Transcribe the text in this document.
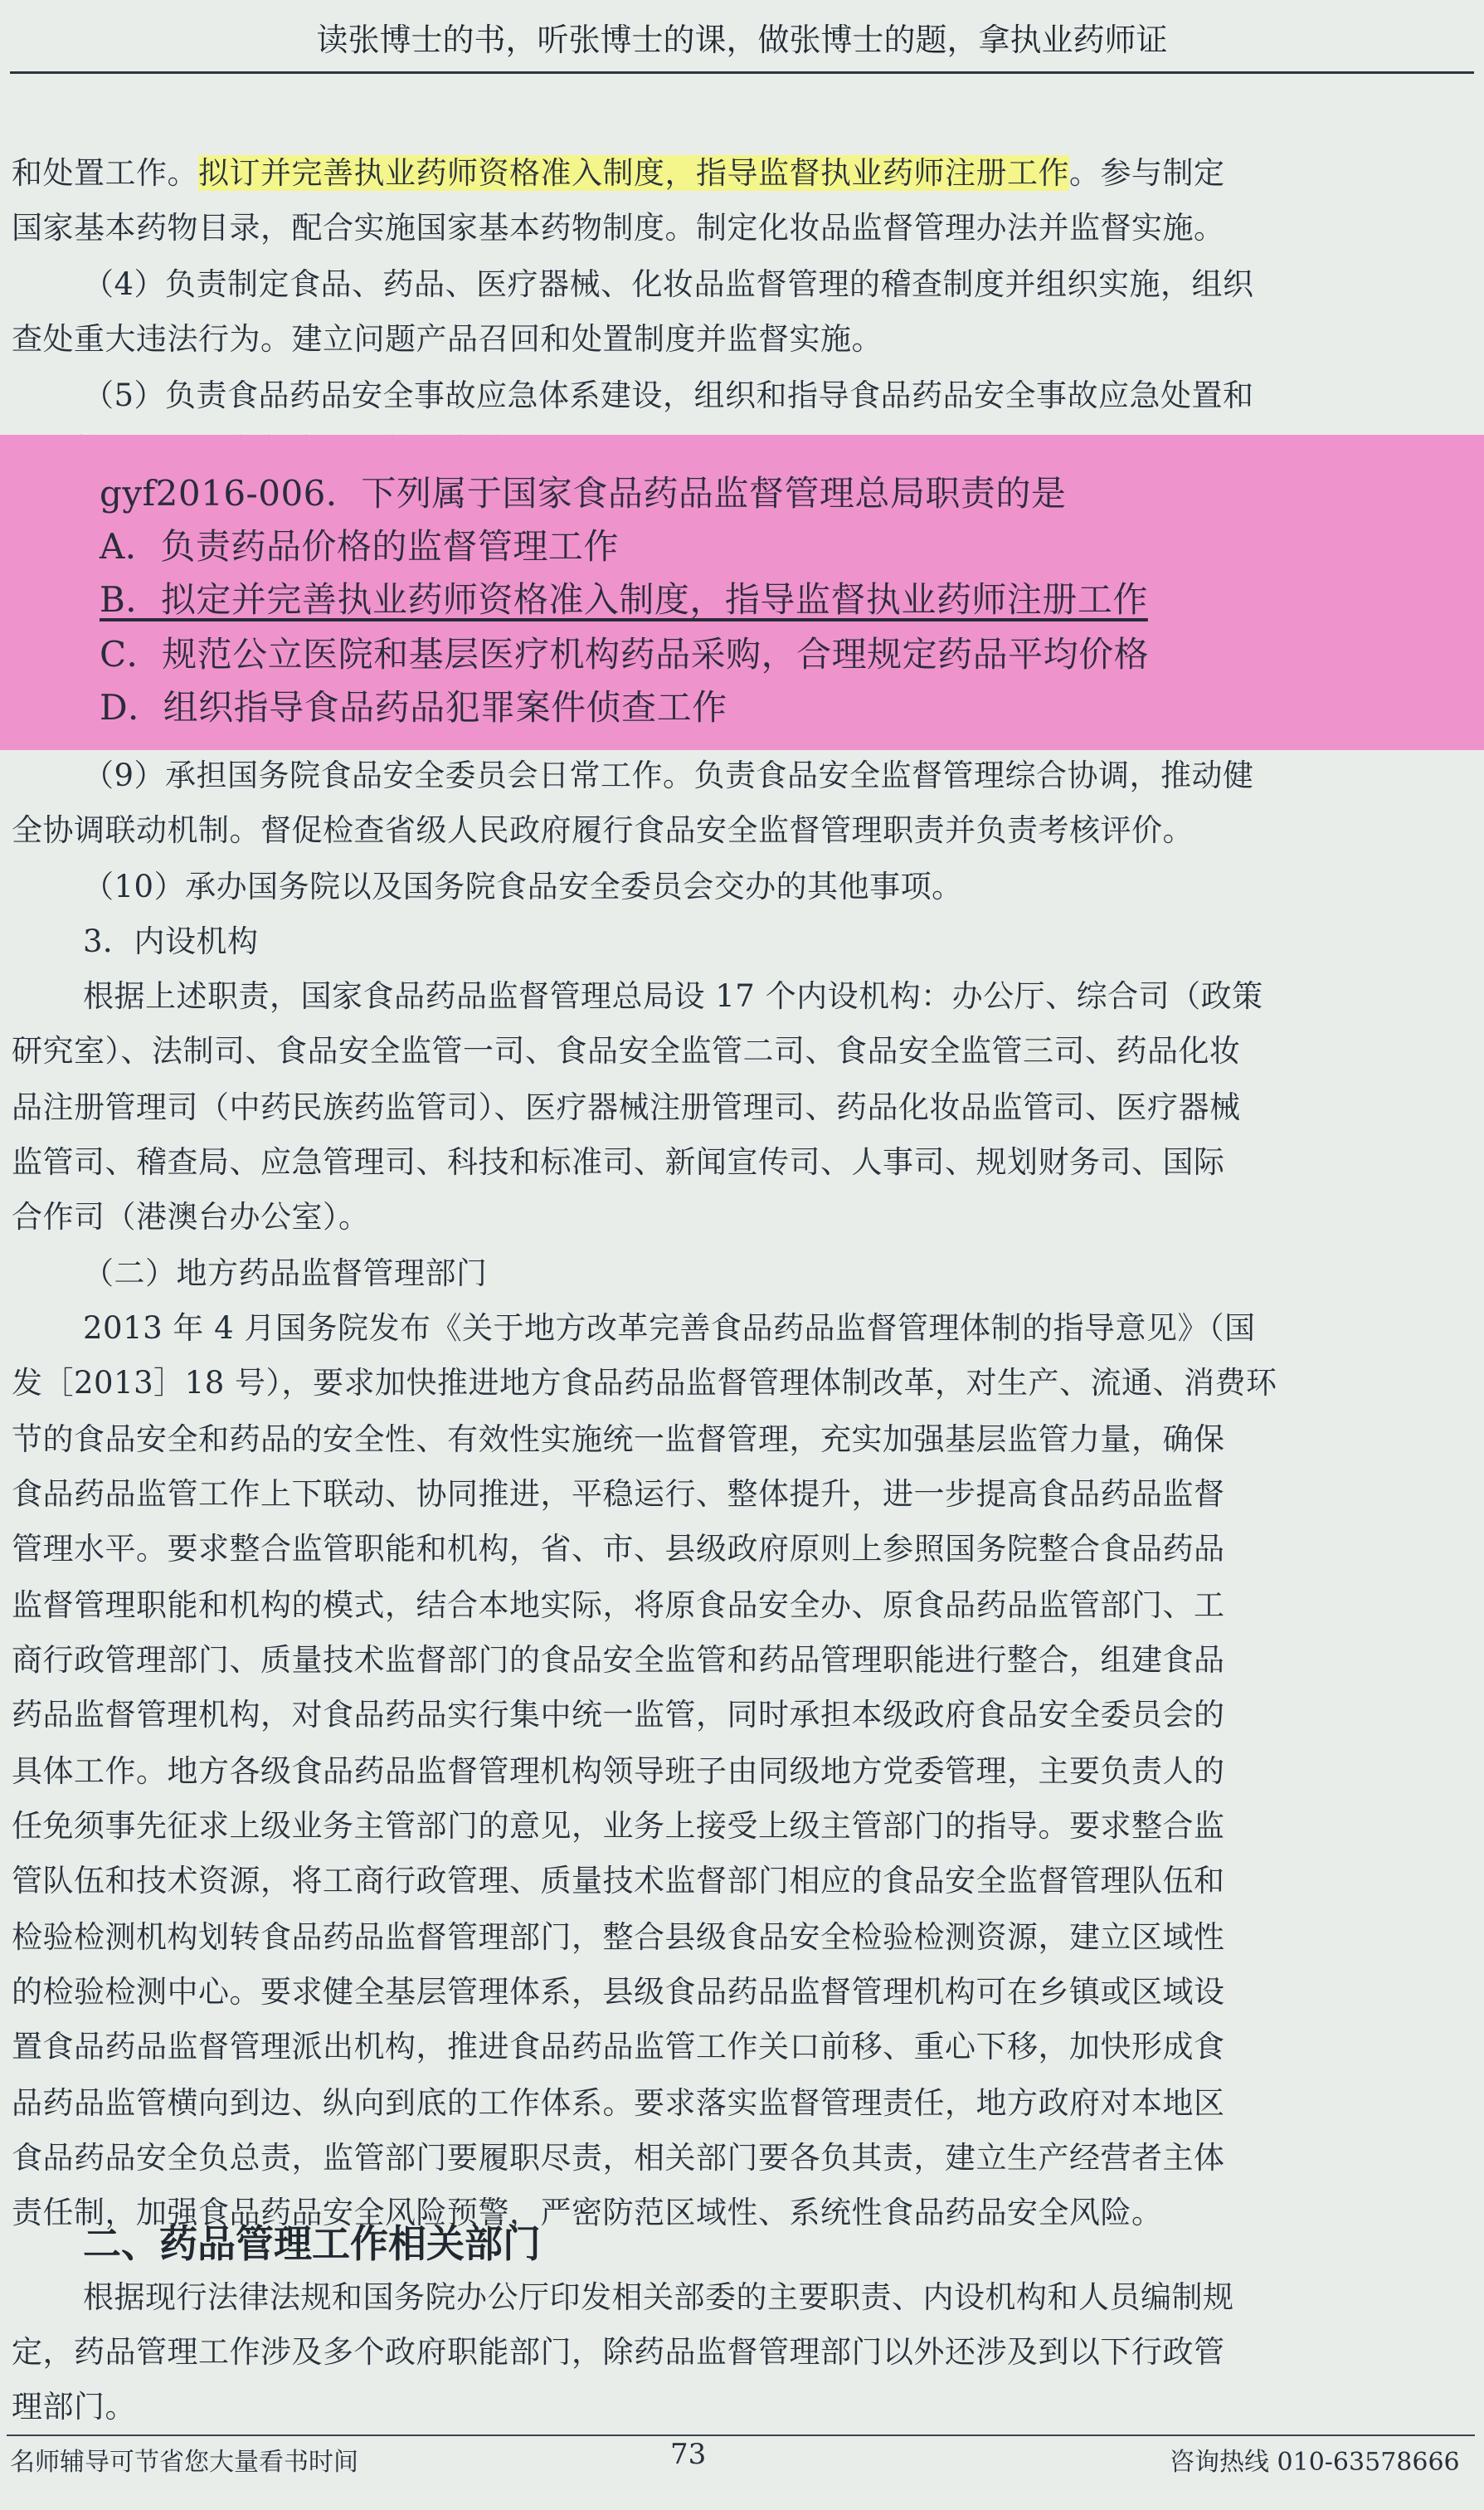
读张博士的书，听张博士的课，做张博士的题，拿执业药师证
和处置工作。拟订并完善执业药师资格准入制度，指导监督执业药师注册工作。参与制定
国家基本药物目录，配合实施国家基本药物制度。制定化妆品监督管理办法并监督实施。
（4）负责制定食品、药品、医疗器械、化妆品监督管理的稽查制度并组织实施，组织
查处重大违法行为。建立问题产品召回和处置制度并监督实施。
（5）负责食品药品安全事故应急体系建设，组织和指导食品药品安全事故应急处置和
gyf2016-006．下列属于国家食品药品监督管理总局职责的是
A．负责药品价格的监督管理工作
B．拟定并完善执业药师资格准入制度，指导监督执业药师注册工作
C．规范公立医院和基层医疗机构药品采购，合理规定药品平均价格
D．组织指导食品药品犯罪案件侦查工作
（9）承担国务院食品安全委员会日常工作。负责食品安全监督管理综合协调，推动健
全协调联动机制。督促检查省级人民政府履行食品安全监督管理职责并负责考核评价。
（10）承办国务院以及国务院食品安全委员会交办的其他事项。
3．内设机构
根据上述职责，国家食品药品监督管理总局设 17 个内设机构：办公厅、综合司（政策
研究室）、法制司、食品安全监管一司、食品安全监管二司、食品安全监管三司、药品化妆
品注册管理司（中药民族药监管司）、医疗器械注册管理司、药品化妆品监管司、医疗器械
监管司、稽查局、应急管理司、科技和标准司、新闻宣传司、人事司、规划财务司、国际
合作司（港澳台办公室）。
（二）地方药品监督管理部门
2013 年 4 月国务院发布《关于地方改革完善食品药品监督管理体制的指导意见》（国
发［2013］18 号），要求加快推进地方食品药品监督管理体制改革，对生产、流通、消费环
节的食品安全和药品的安全性、有效性实施统一监督管理，充实加强基层监管力量，确保
食品药品监管工作上下联动、协同推进，平稳运行、整体提升，进一步提高食品药品监督
管理水平。要求整合监管职能和机构，省、市、县级政府原则上参照国务院整合食品药品
监督管理职能和机构的模式，结合本地实际，将原食品安全办、原食品药品监管部门、工
商行政管理部门、质量技术监督部门的食品安全监管和药品管理职能进行整合，组建食品
药品监督管理机构，对食品药品实行集中统一监管，同时承担本级政府食品安全委员会的
具体工作。地方各级食品药品监督管理机构领导班子由同级地方党委管理，主要负责人的
任免须事先征求上级业务主管部门的意见，业务上接受上级主管部门的指导。要求整合监
管队伍和技术资源，将工商行政管理、质量技术监督部门相应的食品安全监督管理队伍和
检验检测机构划转食品药品监督管理部门，整合县级食品安全检验检测资源，建立区域性
的检验检测中心。要求健全基层管理体系，县级食品药品监督管理机构可在乡镇或区域设
置食品药品监督管理派出机构，推进食品药品监管工作关口前移、重心下移，加快形成食
品药品监管横向到边、纵向到底的工作体系。要求落实监督管理责任，地方政府对本地区
食品药品安全负总责，监管部门要履职尽责，相关部门要各负其责，建立生产经营者主体
责任制，加强食品药品安全风险预警，严密防范区域性、系统性食品药品安全风险。
二、药品管理工作相关部门
根据现行法律法规和国务院办公厅印发相关部委的主要职责、内设机构和人员编制规
定，药品管理工作涉及多个政府职能部门，除药品监督管理部门以外还涉及到以下行政管
理部门。
名师辅导可节省您大量看书时间	73	咨询热线 010-63578666
